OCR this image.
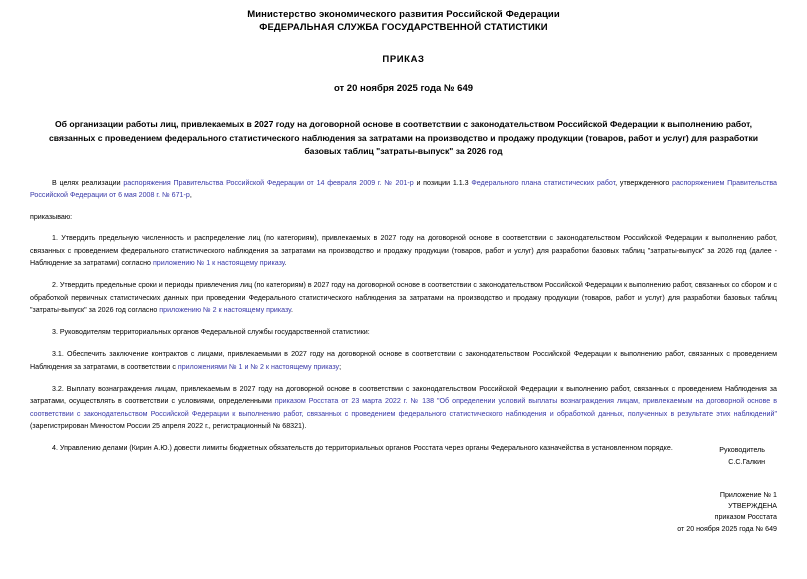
Министерство экономического развития Российской Федерации
ФЕДЕРАЛЬНАЯ СЛУЖБА ГОСУДАРСТВЕННОЙ СТАТИСТИКИ
ПРИКАЗ
от 20 ноября 2025 года № 649
Об организации работы лиц, привлекаемых в 2027 году на договорной основе в соответствии с законодательством Российской Федерации к выполнению работ, связанных с проведением федерального статистического наблюдения за затратами на производство и продажу продукции (товаров, работ и услуг) для разработки базовых таблиц "затраты-выпуск" за 2026 год

В целях реализации распоряжения Правительства Российской Федерации от 14 февраля 2009 г. № 201-р и позиции 1.1.3 Федерального плана статистических работ, утвержденного распоряжением Правительства Российской Федерации от 6 мая 2008 г. № 671-р,

приказываю:

1. Утвердить предельную численность и распределение лиц (по категориям), привлекаемых в 2027 году на договорной основе в соответствии с законодательством Российской Федерации к выполнению работ, связанных с проведением федерального статистического наблюдения за затратами на производство и продажу продукции (товаров, работ и услуг) для разработки базовых таблиц "затраты-выпуск" за 2026 год (далее - Наблюдение за затратами) согласно приложению № 1 к настоящему приказу.

2. Утвердить предельные сроки и периоды привлечения лиц (по категориям) в 2027 году на договорной основе в соответствии с законодательством Российской Федерации к выполнению работ, связанных со сбором и с обработкой первичных статистических данных при проведении Федерального статистического наблюдения за затратами на производство и продажу продукции (товаров, работ и услуг) для разработки базовых таблиц "затраты-выпуск" за 2026 год согласно приложению № 2 к настоящему приказу.

3. Руководителям территориальных органов Федеральной службы государственной статистики:

3.1. Обеспечить заключение контрактов с лицами, привлекаемыми в 2027 году на договорной основе в соответствии с законодательством Российской Федерации к выполнению работ, связанных с проведением Наблюдения за затратами, в соответствии с приложениями № 1 и № 2 к настоящему приказу;

3.2. Выплату вознаграждения лицам, привлекаемым в 2027 году на договорной основе в соответствии с законодательством Российской Федерации к выполнению работ, связанных с проведением Наблюдения за затратами, осуществлять в соответствии с условиями, определенными приказом Росстата от 23 марта 2022 г. № 138 "Об определении условий выплаты вознаграждения лицам, привлекаемым на договорной основе в соответствии с законодательством Российской Федерации к выполнению работ, связанных с проведением федерального статистического наблюдения и обработкой данных, полученных в результате этих наблюдений" (зарегистрирован Минюстом России 25 апреля 2022 г., регистрационный № 68321).

4. Управлению делами (Кирин А.Ю.) довести лимиты бюджетных обязательств до территориальных органов Росстата через органы Федерального казначейства в установленном порядке.	Руководитель
С.С.Галкин
Приложение № 1
УТВЕРЖДЕНА
приказом Росстата
от 20 ноября 2025 года № 649
